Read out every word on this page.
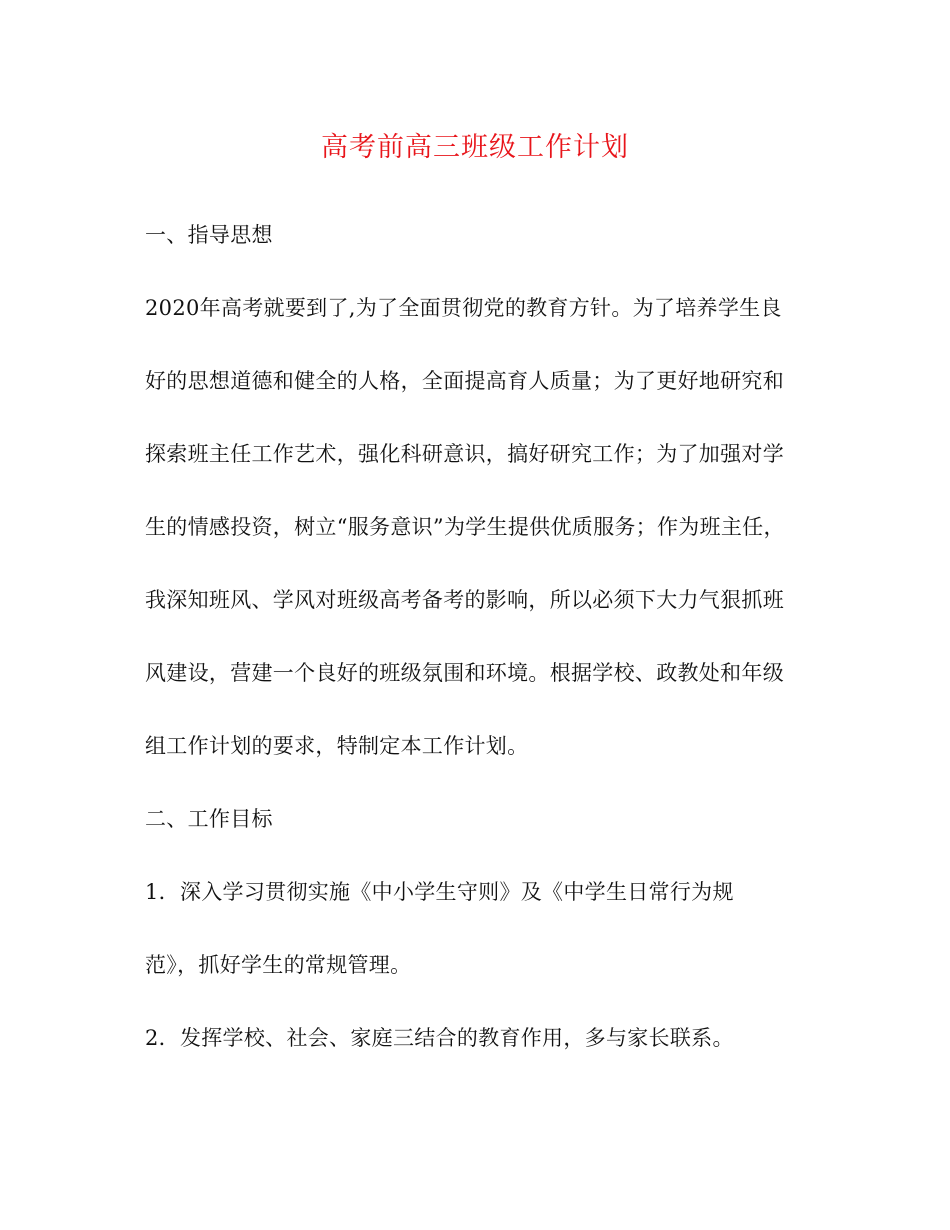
高考前高三班级工作计划
一、指导思想
2020年高考就要到了,为了全面贯彻党的教育方针。为了培养学生良
好的思想道德和健全的人格，全面提高育人质量；为了更好地研究和
探索班主任工作艺术，强化科研意识，搞好研究工作；为了加强对学
生的情感投资，树立“服务意识”为学生提供优质服务；作为班主任，
我深知班风、学风对班级高考备考的影响，所以必须下大力气狠抓班
风建设，营建一个良好的班级氛围和环境。根据学校、政教处和年级
组工作计划的要求，特制定本工作计划。
二、工作目标
1．深入学习贯彻实施《中小学生守则》及《中学生日常行为规
范》，抓好学生的常规管理。
2．发挥学校、社会、家庭三结合的教育作用，多与家长联系。
